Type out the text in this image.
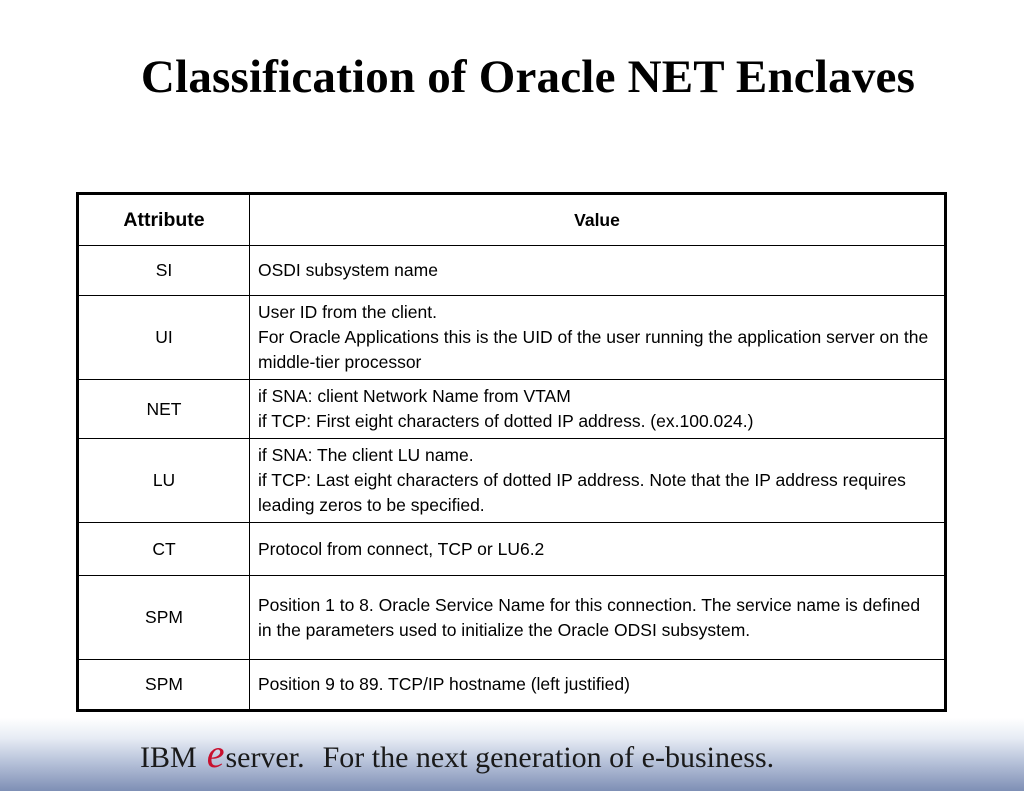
Classification of Oracle NET Enclaves
Attribute	Value
SI	OSDI subsystem name

UI	User ID from the client.
For Oracle Applications this is the UID of the user running the application server on the middle-tier processor

NET	if SNA: client Network Name from VTAM
if TCP: First eight characters of dotted IP address. (ex.100.024.)

LU	if SNA: The client LU name.
if TCP: Last eight characters of dotted IP address. Note that the IP address requires leading zeros to be specified.

CT	Protocol from connect, TCP or LU6.2

SPM	Position 1 to 8. Oracle Service Name for this connection. The service name is defined in the parameters used to initialize the Oracle ODSI subsystem.

SPM	Position 9 to 89. TCP/IP hostname (left justified)
IBM eserver. For the next generation of e-business.
